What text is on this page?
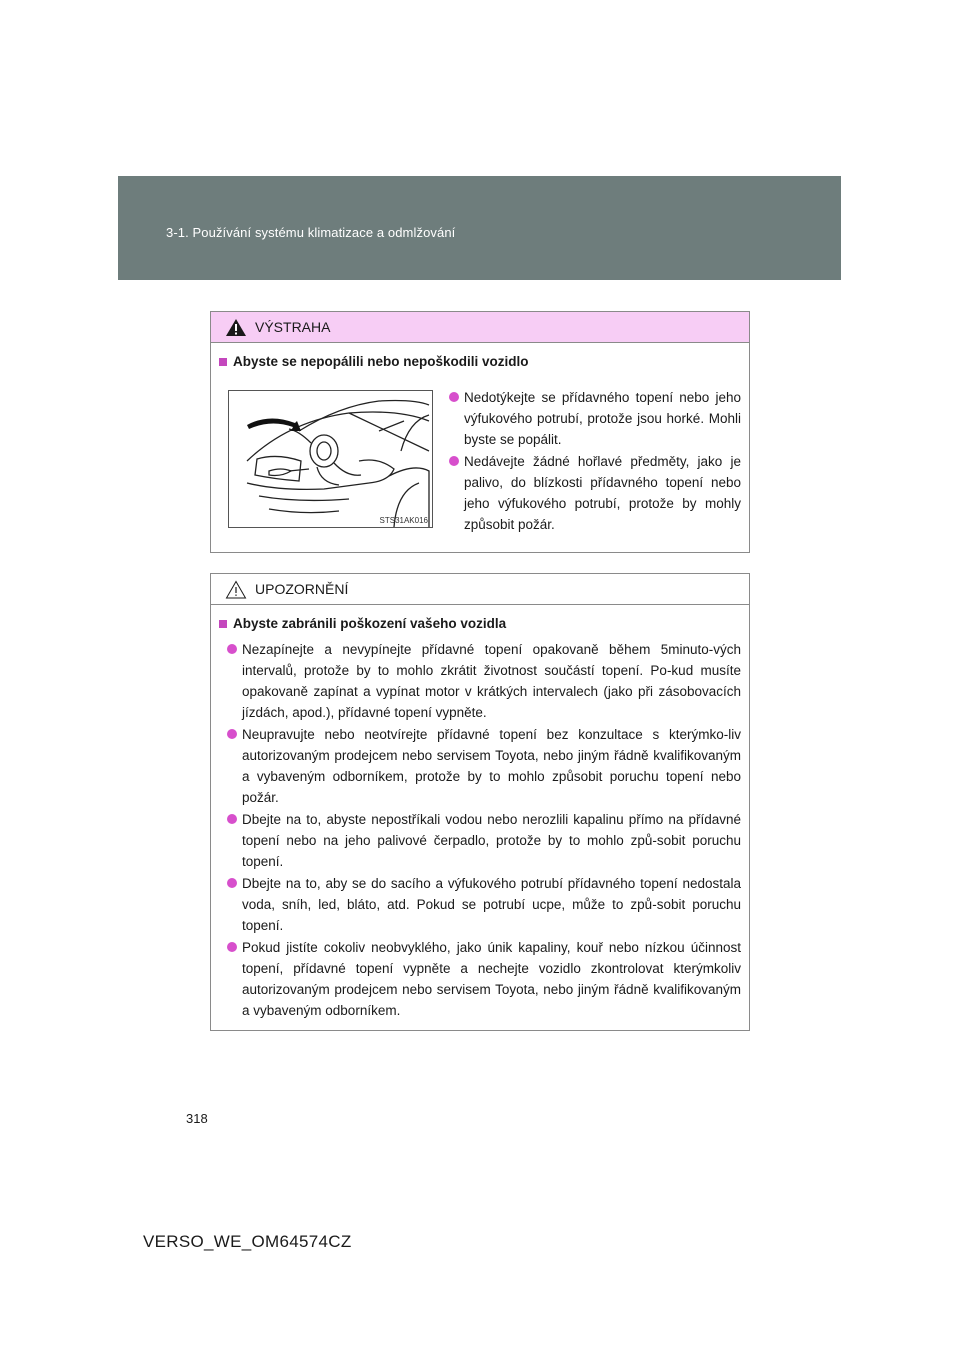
3-1. Používání systému klimatizace a odmlžování
VÝSTRAHA
Abyste se nepopálili nebo nepoškodili vozidlo
STS31AK016
Nedotýkejte se přídavného topení nebo jeho výfukového potrubí, protože jsou horké. Mohli byste se popálit.
Nedávejte žádné hořlavé předměty, jako je palivo, do blízkosti přídavného topení nebo jeho výfukového potrubí, protože by mohly způsobit požár.
UPOZORNĚNÍ
Abyste zabránili poškození vašeho vozidla
Nezapínejte a nevypínejte přídavné topení opakovaně během 5minuto-vých intervalů, protože by to mohlo zkrátit životnost součástí topení. Po-kud musíte opakovaně zapínat a vypínat motor v krátkých intervalech (jako při zásobovacích jízdách, apod.), přídavné topení vypněte.
Neupravujte nebo neotvírejte přídavné topení bez konzultace s kterýmko-liv autorizovaným prodejcem nebo servisem Toyota, nebo jiným řádně kvalifikovaným a vybaveným odborníkem, protože by to mohlo způsobit poruchu topení nebo požár.
Dbejte na to, abyste nepostříkali vodou nebo nerozlili kapalinu přímo na přídavné topení nebo na jeho palivové čerpadlo, protože by to mohlo způ-sobit poruchu topení.
Dbejte na to, aby se do sacího a výfukového potrubí přídavného topení nedostala voda, sníh, led, bláto, atd. Pokud se potrubí ucpe, může to způ-sobit poruchu topení.
Pokud jistíte cokoliv neobvyklého, jako únik kapaliny, kouř nebo nízkou účinnost topení, přídavné topení vypněte a nechejte vozidlo zkontrolovat kterýmkoliv autorizovaným prodejcem nebo servisem Toyota, nebo jiným řádně kvalifikovaným a vybaveným odborníkem.
318
VERSO_WE_OM64574CZ
